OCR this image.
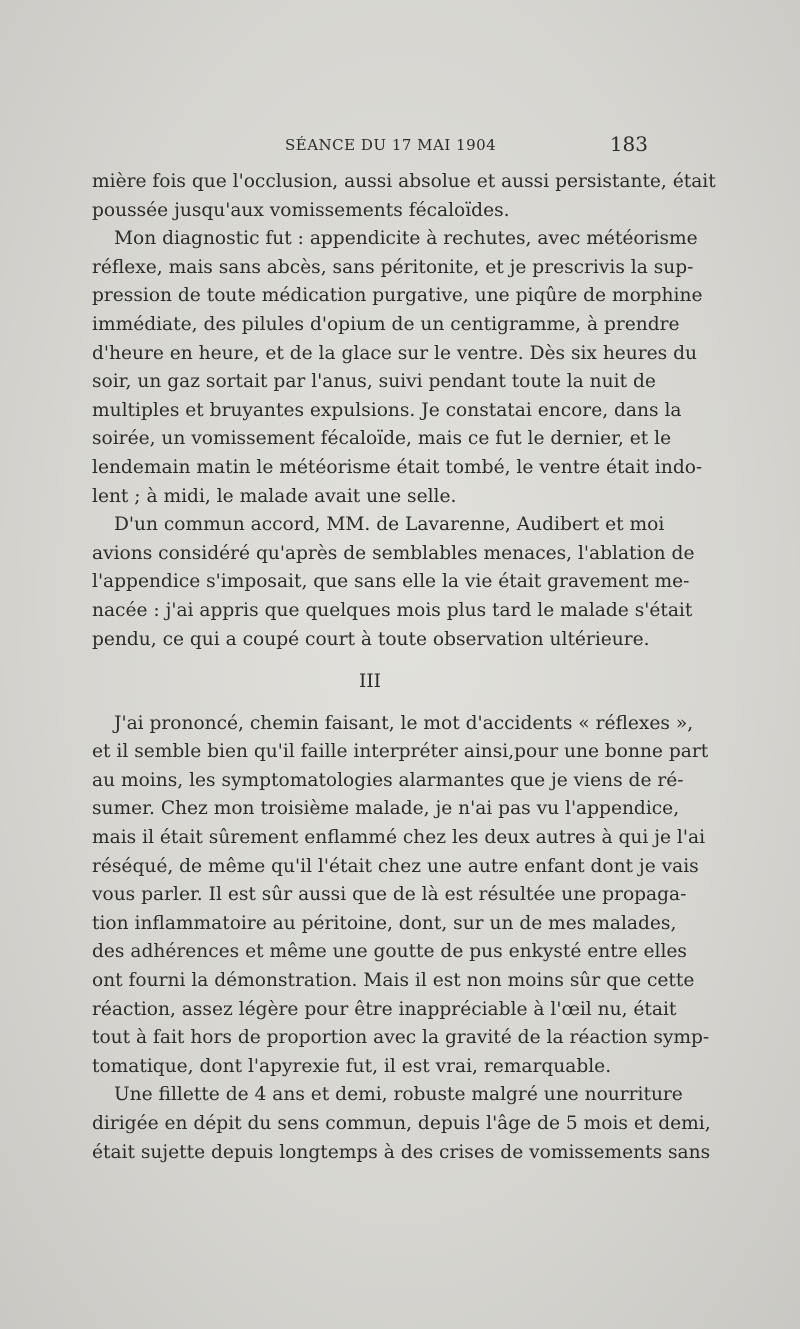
SÉANCE DU 17 MAI 1904	183
mière fois que l'occlusion, aussi absolue et aussi persistante, était
poussée jusqu'aux vomissements fécaloïdes.
Mon diagnostic fut : appendicite à rechutes, avec météorisme
réflexe, mais sans abcès, sans péritonite, et je prescrivis la sup-
pression de toute médication purgative, une piqûre de morphine
immédiate, des pilules d'opium de un centigramme, à prendre
d'heure en heure, et de la glace sur le ventre. Dès six heures du
soir, un gaz sortait par l'anus, suivi pendant toute la nuit de
multiples et bruyantes expulsions. Je constatai encore, dans la
soirée, un vomissement fécaloïde, mais ce fut le dernier, et le
lendemain matin le météorisme était tombé, le ventre était indo-
lent ; à midi, le malade avait une selle.
D'un commun accord, MM. de Lavarenne, Audibert et moi
avions considéré qu'après de semblables menaces, l'ablation de
l'appendice s'imposait, que sans elle la vie était gravement me-
nacée : j'ai appris que quelques mois plus tard le malade s'était
pendu, ce qui a coupé court à toute observation ultérieure.
III
J'ai prononcé, chemin faisant, le mot d'accidents « réflexes »,
et il semble bien qu'il faille interpréter ainsi,pour une bonne part
au moins, les symptomatologies alarmantes que je viens de ré-
sumer. Chez mon troisième malade, je n'ai pas vu l'appendice,
mais il était sûrement enflammé chez les deux autres à qui je l'ai
réséqué, de même qu'il l'était chez une autre enfant dont je vais
vous parler. Il est sûr aussi que de là est résultée une propaga-
tion inflammatoire au péritoine, dont, sur un de mes malades,
des adhérences et même une goutte de pus enkysté entre elles
ont fourni la démonstration. Mais il est non moins sûr que cette
réaction, assez légère pour être inappréciable à l'œil nu, était
tout à fait hors de proportion avec la gravité de la réaction symp-
tomatique, dont l'apyrexie fut, il est vrai, remarquable.
Une fillette de 4 ans et demi, robuste malgré une nourriture
dirigée en dépit du sens commun, depuis l'âge de 5 mois et demi,
était sujette depuis longtemps à des crises de vomissements sans
